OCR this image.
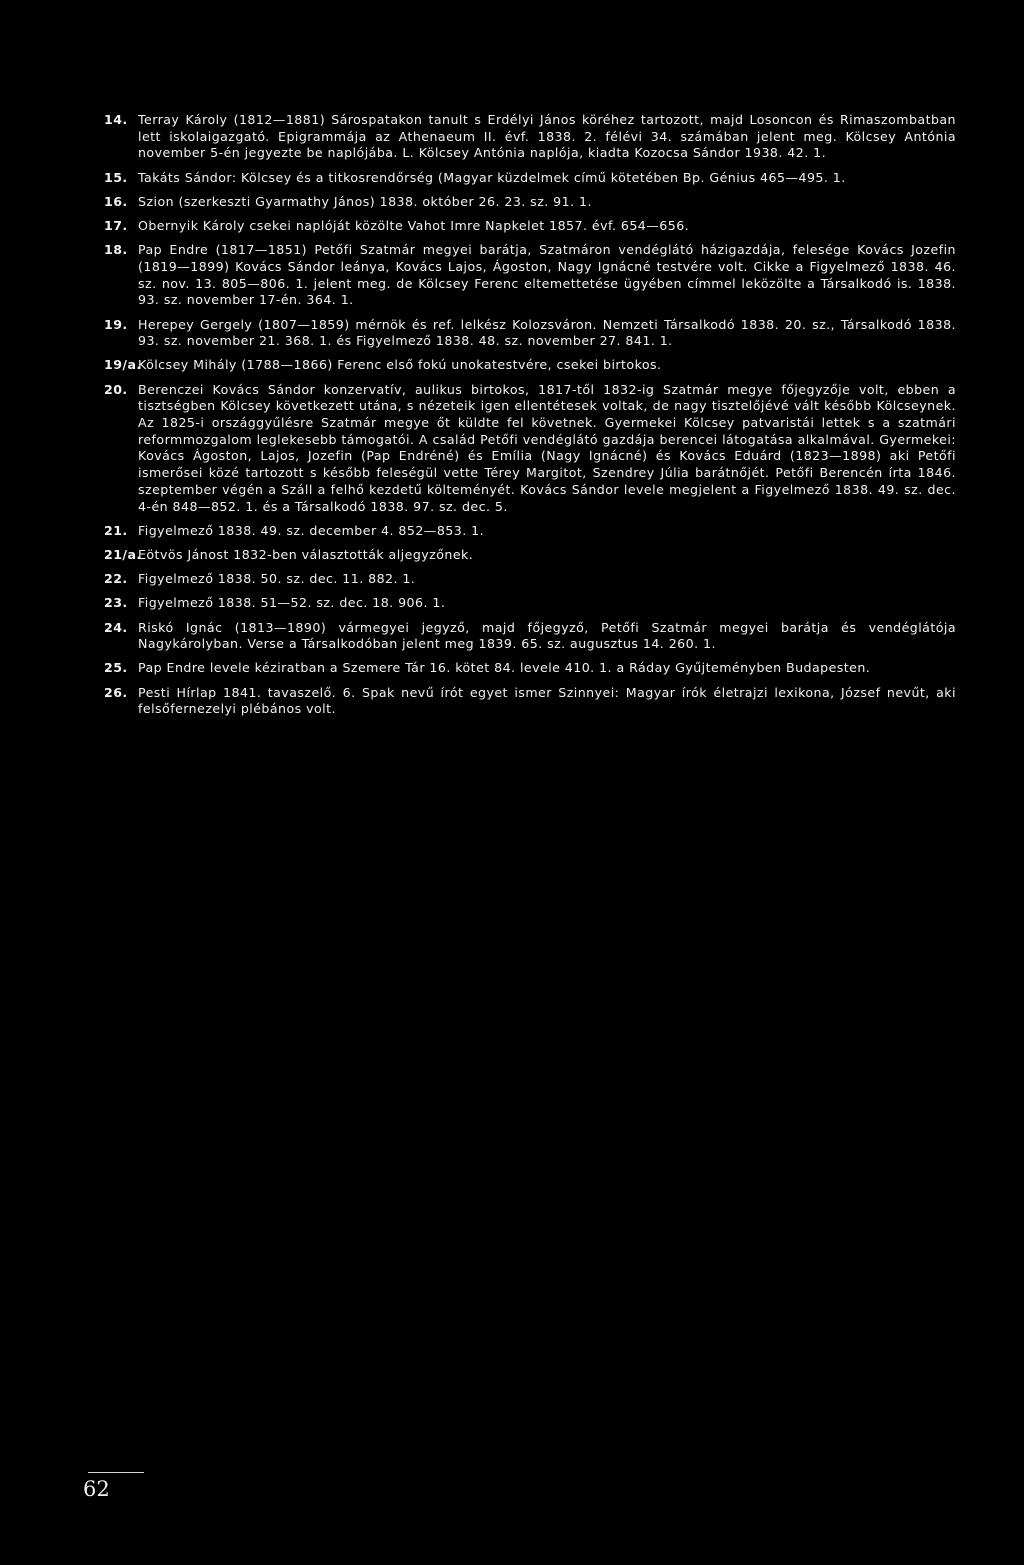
14. Terray Károly (1812—1881) Sárospatakon tanult s Erdélyi János köréhez tartozott, majd Losoncon és Rimaszombatban lett iskolaigazgató. Epigrammája az Athenaeum II. évf. 1838. 2. félévi 34. számában jelent meg. Kölcsey Antónia november 5-én jegyezte be naplójába. L. Kölcsey Antónia naplója, kiadta Kozocsa Sándor 1938. 42. 1.
15. Takáts Sándor: Kölcsey és a titkosrendőrség (Magyar küzdelmek című kötetében Bp. Génius 465—495. 1.
16. Szion (szerkeszti Gyarmathy János) 1838. október 26. 23. sz. 91. 1.
17. Obernyik Károly csekei naplóját közölte Vahot Imre Napkelet 1857. évf. 654—656.
18. Pap Endre (1817—1851) Petőfi Szatmár megyei barátja, Szatmáron vendéglátó házigazdája, felesége Kovács Jozefin (1819—1899) Kovács Sándor leánya, Kovács Lajos, Ágoston, Nagy Ignácné testvére volt. Cikke a Figyelmező 1838. 46. sz. nov. 13. 805—806. 1. jelent meg. de Kölcsey Ferenc eltemettetése ügyében címmel leközölte a Társalkodó is. 1838. 93. sz. november 17-én. 364. 1.
19. Herepey Gergely (1807—1859) mérnök és ref. lelkész Kolozsváron. Nemzeti Társalkodó 1838. 20. sz., Társalkodó 1838. 93. sz. november 21. 368. 1. és Figyelmező 1838. 48. sz. november 27. 841. 1.
19/a.
Kölcsey Mihály (1788—1866) Ferenc első fokú unokatestvére, csekei birtokos.
20. Berenczei Kovács Sándor konzervatív, aulikus birtokos, 1817-től 1832-ig Szatmár megye főjegyzője volt, ebben a tisztségben Kölcsey következett utána, s nézeteik igen ellentétesek voltak, de nagy tisztelőjévé vált később Kölcseynek. Az 1825-i országgyűlésre Szatmár megye őt küldte fel követnek. Gyermekei Kölcsey patvaristái lettek s a szatmári reformmozgalom leglekesebb támogatói. A család Petőfi vendéglátó gazdája berencei látogatása alkalmával. Gyermekei: Kovács Ágoston, Lajos, Jozefin (Pap Endréné) és Emília (Nagy Ignácné) és Kovács Eduárd (1823—1898) aki Petőfi ismerősei közé tartozott s később feleségül vette Térey Margitot, Szendrey Júlia barátnőjét. Petőfi Berencén írta 1846. szeptember végén a Száll a felhő kezdetű költeményét. Kovács Sándor levele megjelent a Figyelmező 1838. 49. sz. dec. 4-én 848—852. 1. és a Társalkodó 1838. 97. sz. dec. 5.
21. Figyelmező 1838. 49. sz. december 4. 852—853. 1.
21/a.
Eötvös Jánost 1832-ben választották aljegyzőnek.
22. Figyelmező 1838. 50. sz. dec. 11. 882. 1.
23. Figyelmező 1838. 51—52. sz. dec. 18. 906. 1.
24. Riskó Ignác (1813—1890) vármegyei jegyző, majd főjegyző, Petőfi Szatmár megyei barátja és vendéglátója Nagykárolyban. Verse a Társalkodóban jelent meg 1839. 65. sz. augusztus 14. 260. 1.
25. Pap Endre levele kéziratban a Szemere Tár 16. kötet 84. levele 410. 1. a Ráday Gyűjteményben Budapesten.
26. Pesti Hírlap 1841. tavaszelő. 6. Spak nevű írót egyet ismer Szinnyei: Magyar írók életrajzi lexikona, József nevűt, aki felsőfernezelyi plébános volt.
62
